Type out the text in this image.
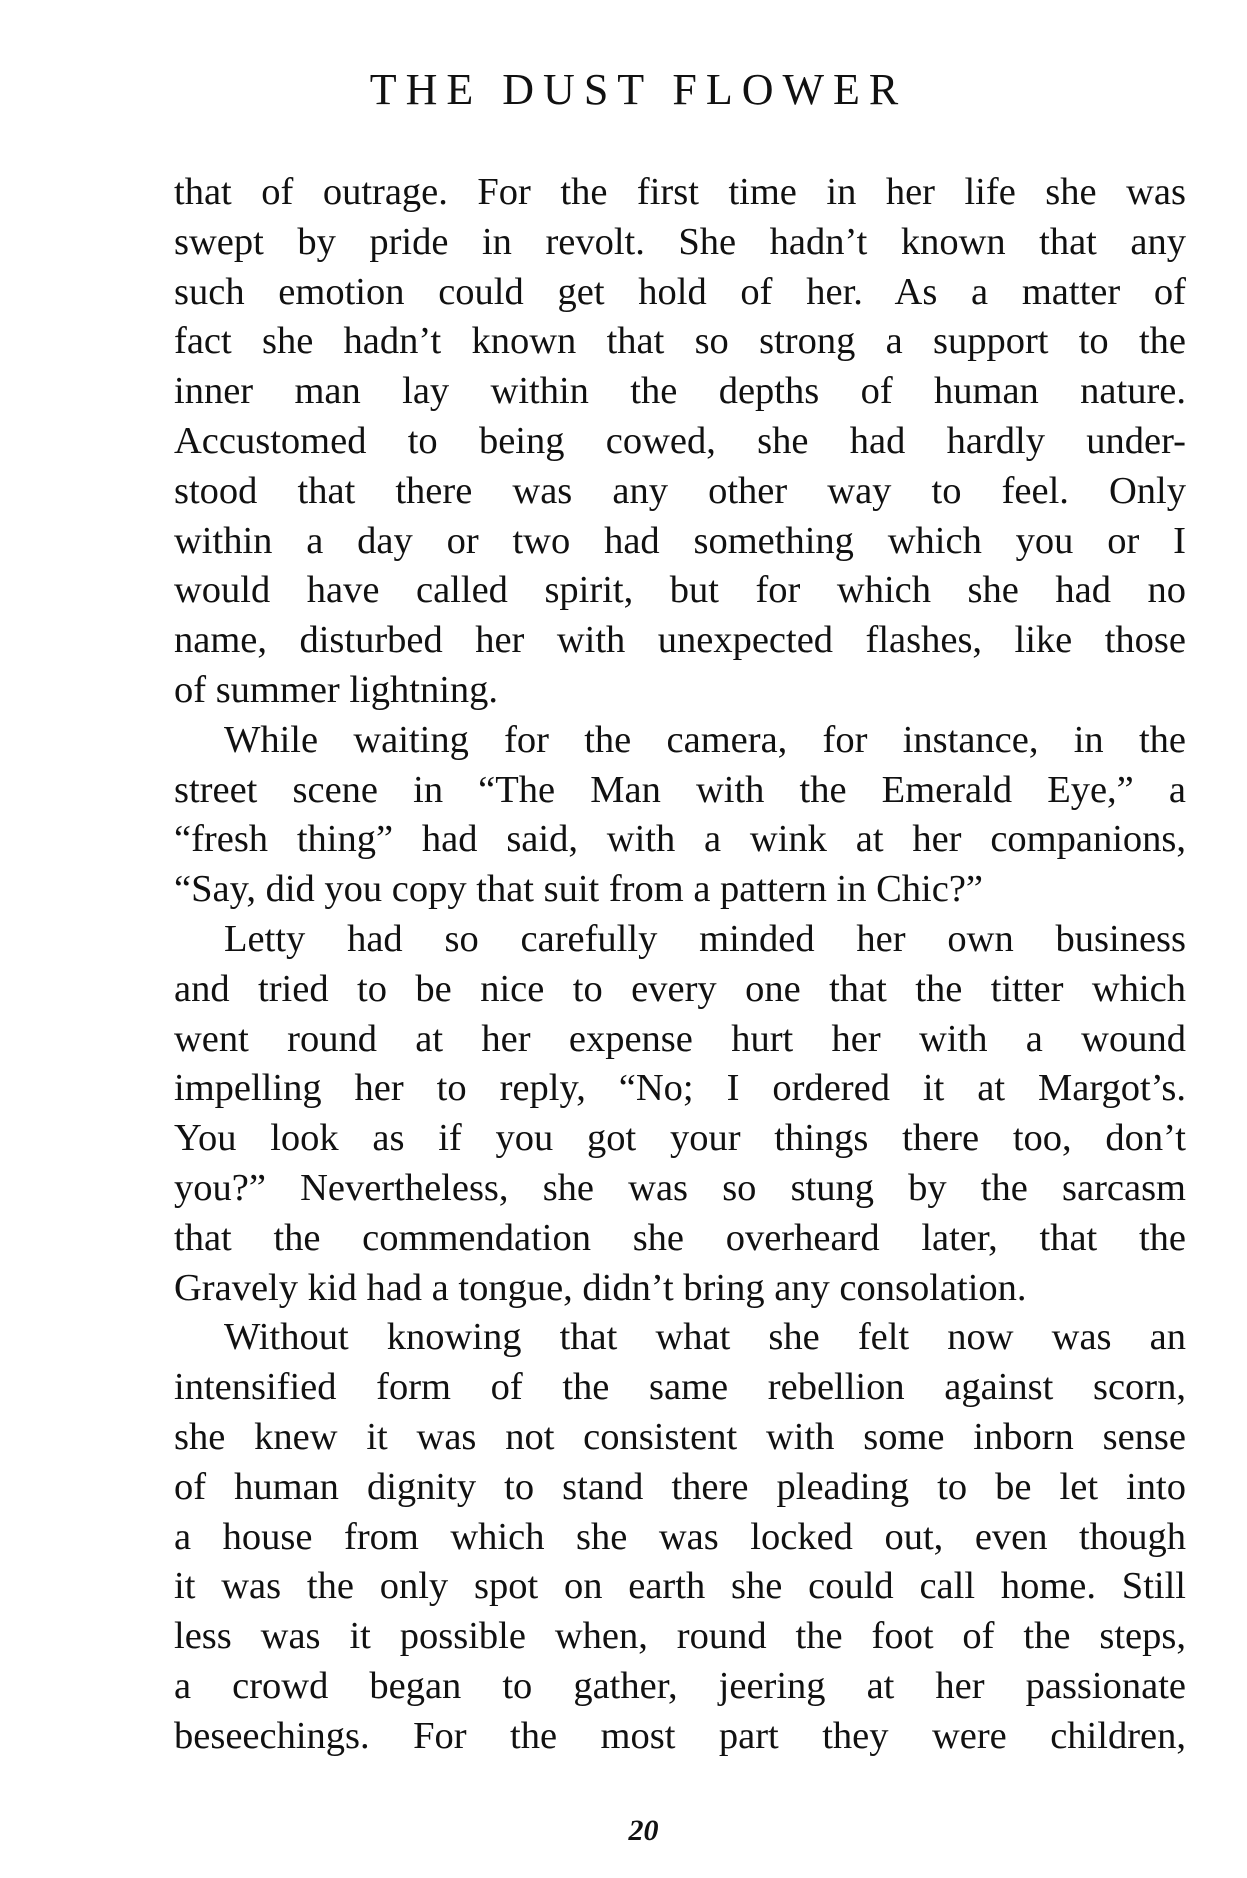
THE DUST FLOWER
that of outrage. For the first time in her life she was
swept by pride in revolt. She hadn’t known that any
such emotion could get hold of her. As a matter of
fact she hadn’t known that so strong a support to the
inner man lay within the depths of human nature.
Accustomed to being cowed, she had hardly under-
stood that there was any other way to feel. Only
within a day or two had something which you or I
would have called spirit, but for which she had no
name, disturbed her with unexpected flashes, like those
of summer lightning.
While waiting for the camera, for instance, in the
street scene in “The Man with the Emerald Eye,” a
“fresh thing” had said, with a wink at her companions,
“Say, did you copy that suit from a pattern in Chic?”
Letty had so carefully minded her own business
and tried to be nice to every one that the titter which
went round at her expense hurt her with a wound
impelling her to reply, “No; I ordered it at Margot’s.
You look as if you got your things there too, don’t
you?” Nevertheless, she was so stung by the sarcasm
that the commendation she overheard later, that the
Gravely kid had a tongue, didn’t bring any consolation.
Without knowing that what she felt now was an
intensified form of the same rebellion against scorn,
she knew it was not consistent with some inborn sense
of human dignity to stand there pleading to be let into
a house from which she was locked out, even though
it was the only spot on earth she could call home. Still
less was it possible when, round the foot of the steps,
a crowd began to gather, jeering at her passionate
beseechings. For the most part they were children,
20
